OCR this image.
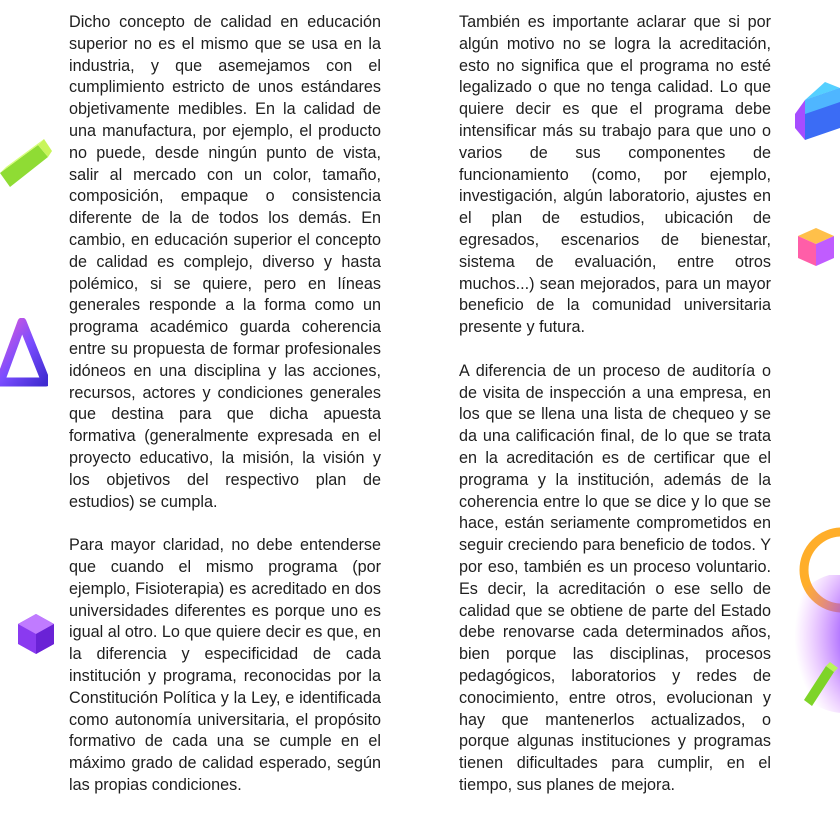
Dicho concepto de calidad en educación superior no es el mismo que se usa en la industria, y que asemejamos con el cumplimiento estricto de unos estándares objetivamente medibles. En la calidad de una manufactura, por ejemplo, el producto no puede, desde ningún punto de vista, salir al mercado con un color, tamaño, composición, empaque o consistencia diferente de la de todos los demás. En cambio, en educación superior el concepto de calidad es complejo, diverso y hasta polémico, si se quiere, pero en líneas generales responde a la forma como un programa académico guarda coherencia entre su propuesta de formar profesionales idóneos en una disciplina y las acciones, recursos, actores y condiciones generales que destina para que dicha apuesta formativa (generalmente expresada en el proyecto educativo, la misión, la visión y los objetivos del respectivo plan de estudios) se cumpla.

Para mayor claridad, no debe entenderse que cuando el mismo programa (por ejemplo, Fisioterapia) es acreditado en dos universidades diferentes es porque uno es igual al otro. Lo que quiere decir es que, en la diferencia y especificidad de cada institución y programa, reconocidas por la Constitución Política y la Ley, e identificada como autonomía universitaria, el propósito formativo de cada una se cumple en el máximo grado de calidad esperado, según las propias condiciones.

También es importante aclarar que si por algún motivo no se logra la acreditación, esto no significa que el programa no esté legalizado o que no tenga calidad. Lo que quiere decir es que el programa debe intensificar más su trabajo para que uno o varios de sus componentes de funcionamiento (como, por ejemplo, investigación, algún laboratorio, ajustes en el plan de estudios, ubicación de egresados, escenarios de bienestar, sistema de evaluación, entre otros muchos...) sean mejorados, para un mayor beneficio de la comunidad universitaria presente y futura.

A diferencia de un proceso de auditoría o de visita de inspección a una empresa, en los que se llena una lista de chequeo y se da una calificación final, de lo que se trata en la acreditación es de certificar que el programa y la institución, además de la coherencia entre lo que se dice y lo que se hace, están seriamente comprometidos en seguir creciendo para beneficio de todos. Y por eso, también es un proceso voluntario. Es decir, la acreditación o ese sello de calidad que se obtiene de parte del Estado debe renovarse cada determinados años, bien porque las disciplinas, procesos pedagógicos, laboratorios y redes de conocimiento, entre otros, evolucionan y hay que mantenerlos actualizados, o porque algunas instituciones y programas tienen dificultades para cumplir, en el tiempo, sus planes de mejora.
